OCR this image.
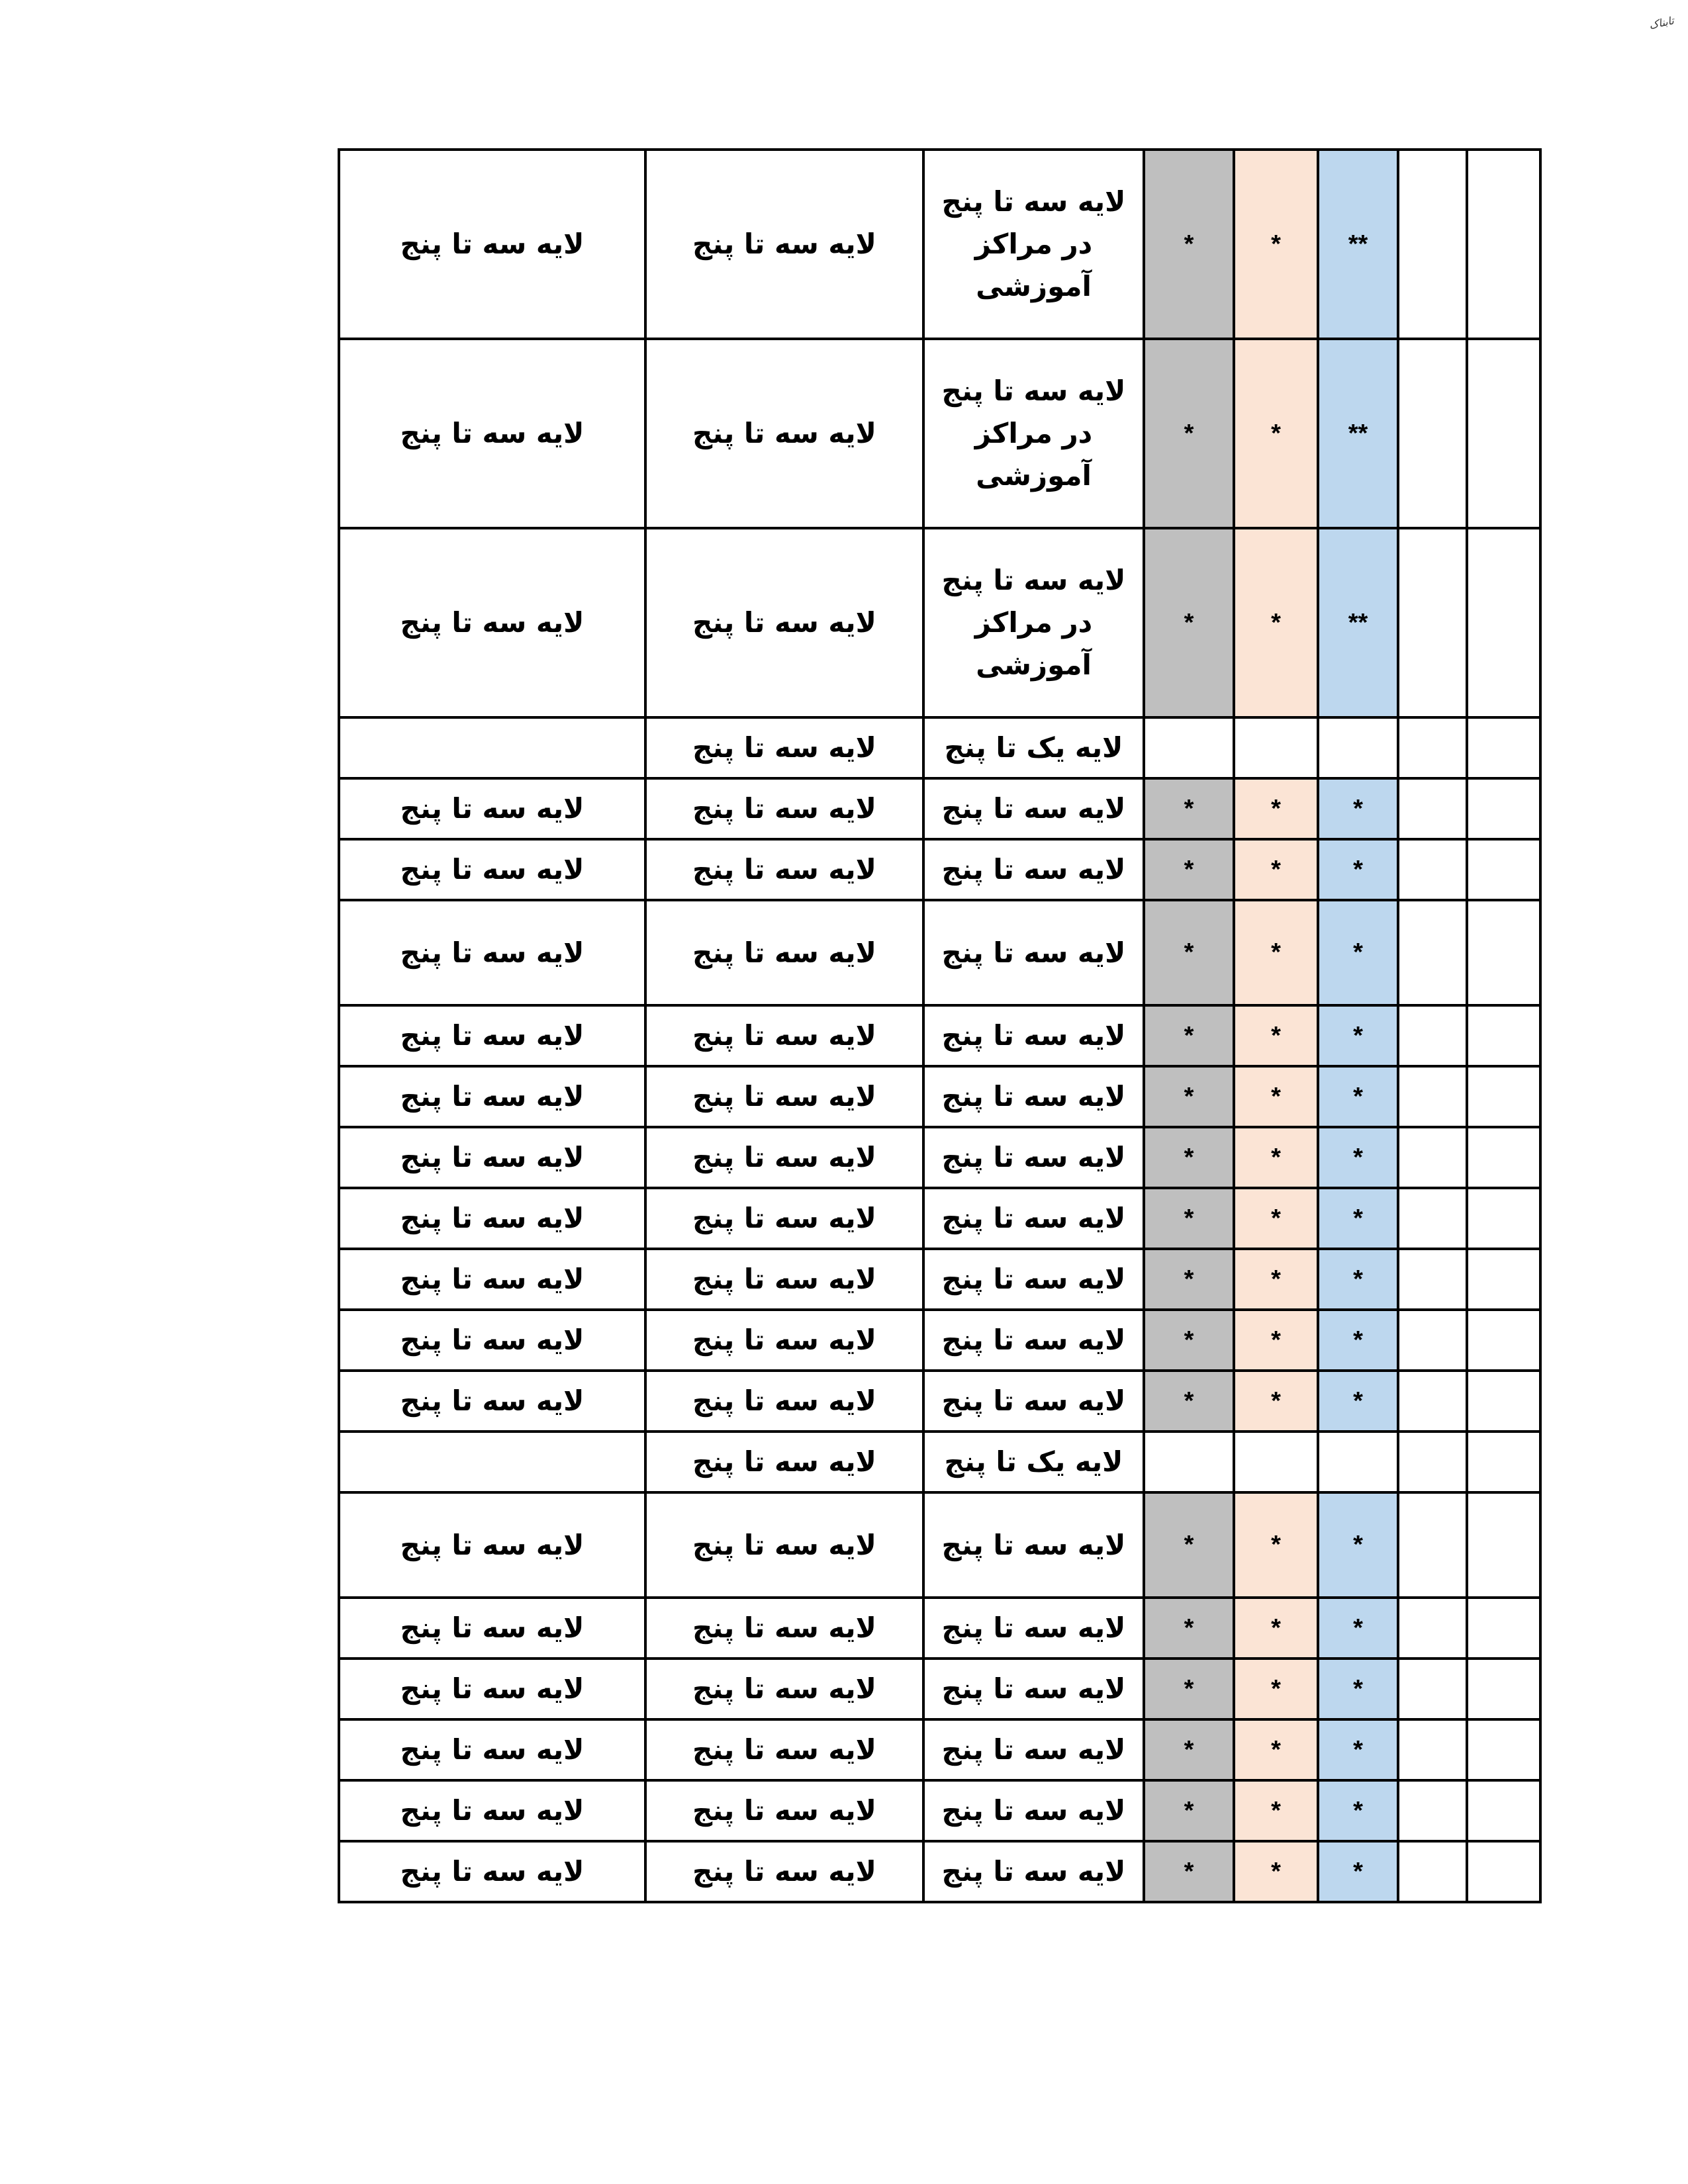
تابناک
لایه سه تا پنج	لایه سه تا پنج	لایه سه تا پنج در مراکز آموزشی	*	*	**		
لایه سه تا پنج	لایه سه تا پنج	لایه سه تا پنج در مراکز آموزشی	*	*	**		
لایه سه تا پنج	لایه سه تا پنج	لایه سه تا پنج در مراکز آموزشی	*	*	**		
	لایه سه تا پنج	لایه یک تا پنج					
لایه سه تا پنج	لایه سه تا پنج	لایه سه تا پنج	*	*	*		
لایه سه تا پنج	لایه سه تا پنج	لایه سه تا پنج	*	*	*		
لایه سه تا پنج	لایه سه تا پنج	لایه سه تا پنج	*	*	*		
لایه سه تا پنج	لایه سه تا پنج	لایه سه تا پنج	*	*	*		
لایه سه تا پنج	لایه سه تا پنج	لایه سه تا پنج	*	*	*		
لایه سه تا پنج	لایه سه تا پنج	لایه سه تا پنج	*	*	*		
لایه سه تا پنج	لایه سه تا پنج	لایه سه تا پنج	*	*	*		
لایه سه تا پنج	لایه سه تا پنج	لایه سه تا پنج	*	*	*		
لایه سه تا پنج	لایه سه تا پنج	لایه سه تا پنج	*	*	*		
لایه سه تا پنج	لایه سه تا پنج	لایه سه تا پنج	*	*	*		
	لایه سه تا پنج	لایه یک تا پنج					
لایه سه تا پنج	لایه سه تا پنج	لایه سه تا پنج	*	*	*		
لایه سه تا پنج	لایه سه تا پنج	لایه سه تا پنج	*	*	*		
لایه سه تا پنج	لایه سه تا پنج	لایه سه تا پنج	*	*	*		
لایه سه تا پنج	لایه سه تا پنج	لایه سه تا پنج	*	*	*		
لایه سه تا پنج	لایه سه تا پنج	لایه سه تا پنج	*	*	*		
لایه سه تا پنج	لایه سه تا پنج	لایه سه تا پنج	*	*	*		
